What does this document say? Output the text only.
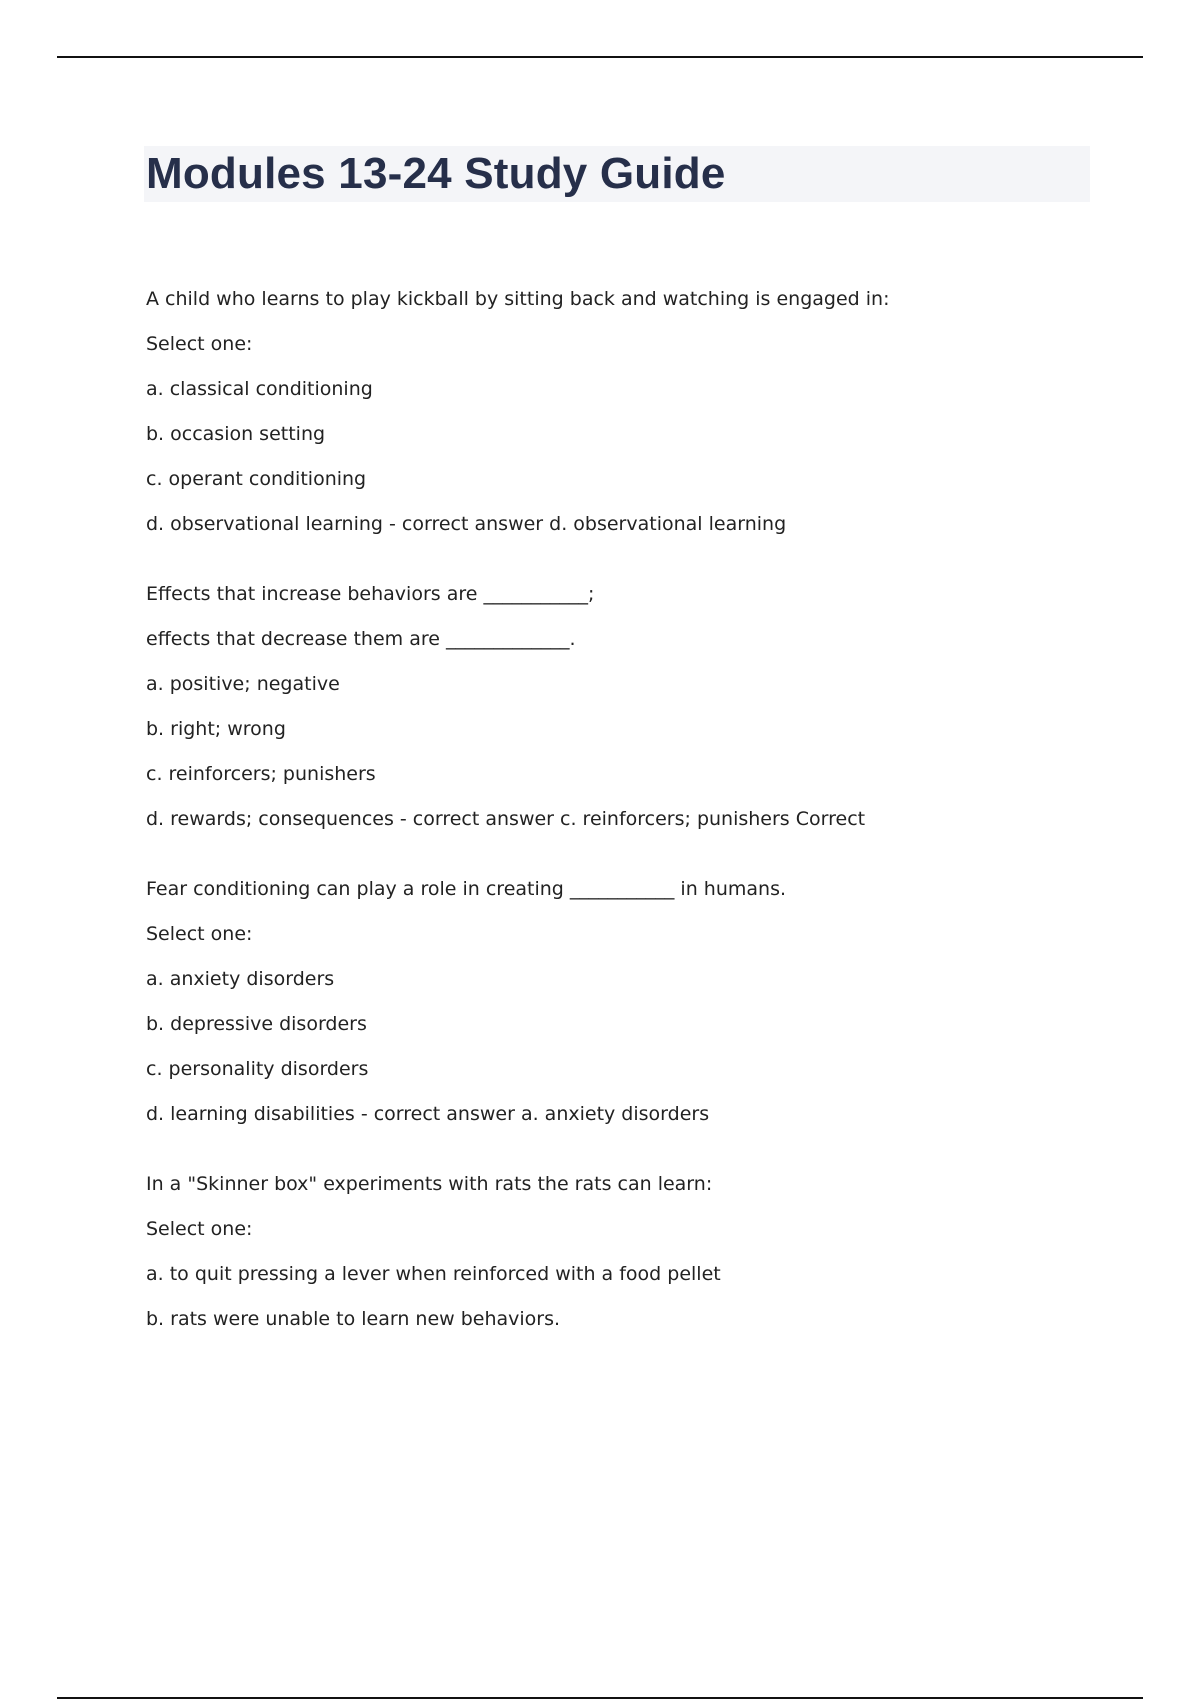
Modules 13-24 Study Guide
A child who learns to play kickball by sitting back and watching is engaged in:
Select one:
a. classical conditioning
b. occasion setting
c. operant conditioning
d. observational learning - correct answer d. observational learning
Effects that increase behaviors are ___________;
effects that decrease them are _____________.
a. positive; negative
b. right; wrong
c. reinforcers; punishers
d. rewards; consequences - correct answer c. reinforcers; punishers Correct
Fear conditioning can play a role in creating ___________ in humans.
Select one:
a. anxiety disorders
b. depressive disorders
c. personality disorders
d. learning disabilities - correct answer a. anxiety disorders
In a "Skinner box" experiments with rats the rats can learn:
Select one:
a. to quit pressing a lever when reinforced with a food pellet
b. rats were unable to learn new behaviors.
